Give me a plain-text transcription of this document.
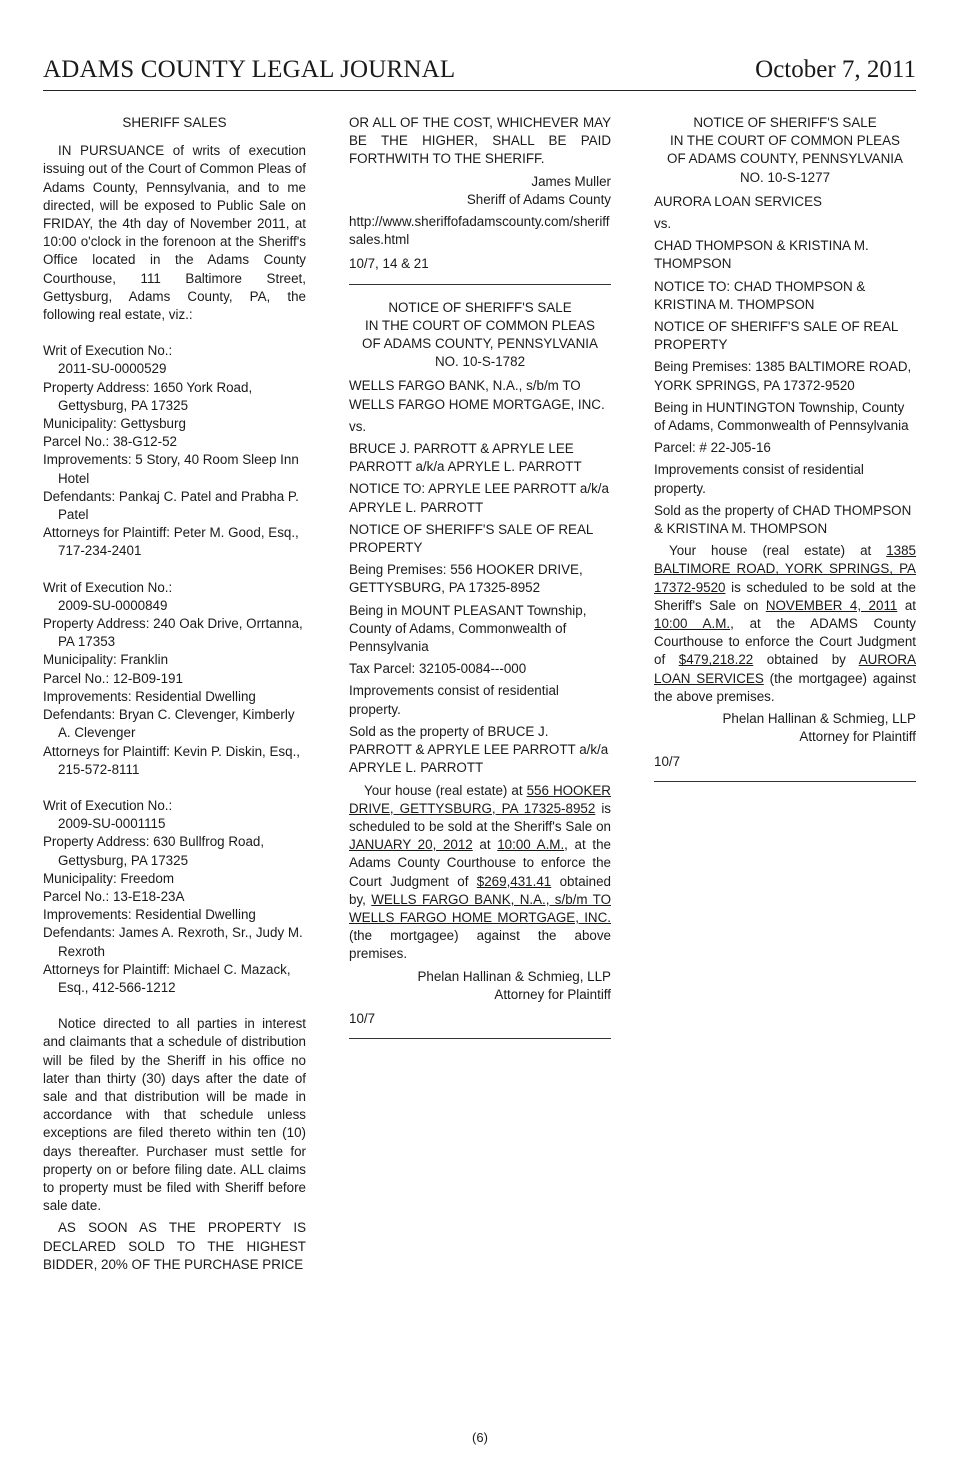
ADAMS COUNTY LEGAL JOURNAL	October 7, 2011

SHERIFF SALES

IN PURSUANCE of writs of execution issuing out of the Court of Common Pleas of Adams County, Pennsylvania, and to me directed, will be exposed to Public Sale on FRIDAY, the 4th day of November 2011, at 10:00 o'clock in the forenoon at the Sheriff's Office located in the Adams County Courthouse, 111 Baltimore Street, Gettysburg, Adams County, PA, the following real estate, viz.:

Writ of Execution No.:

2011-SU-0000529

Property Address: 1650 York Road, Gettysburg, PA 17325

Municipality: Gettysburg

Parcel No.: 38-G12-52

Improvements: 5 Story, 40 Room Sleep Inn Hotel

Defendants: Pankaj C. Patel and Prabha P. Patel

Attorneys for Plaintiff: Peter M. Good, Esq., 717-234-2401

Writ of Execution No.:

2009-SU-0000849

Property Address: 240 Oak Drive, Orrtanna, PA 17353

Municipality: Franklin

Parcel No.: 12-B09-191

Improvements: Residential Dwelling

Defendants: Bryan C. Clevenger, Kimberly A. Clevenger

Attorneys for Plaintiff: Kevin P. Diskin, Esq., 215-572-8111

Writ of Execution No.:

2009-SU-0001115

Property Address: 630 Bullfrog Road, Gettysburg, PA 17325

Municipality: Freedom

Parcel No.: 13-E18-23A

Improvements: Residential Dwelling

Defendants: James A. Rexroth, Sr., Judy M. Rexroth

Attorneys for Plaintiff: Michael C. Mazack, Esq., 412-566-1212

Notice directed to all parties in interest and claimants that a schedule of distribution will be filed by the Sheriff in his office no later than thirty (30) days after the date of sale and that distribution will be made in accordance with that schedule unless exceptions are filed thereto within ten (10) days thereafter. Purchaser must settle for property on or before filing date. ALL claims to property must be filed with Sheriff before sale date.

AS SOON AS THE PROPERTY IS DECLARED SOLD TO THE HIGHEST BIDDER, 20% OF THE PURCHASE PRICE

OR ALL OF THE COST, WHICHEVER MAY BE THE HIGHER, SHALL BE PAID FORTHWITH TO THE SHERIFF.

James Muller

Sheriff of Adams County

http://www.sheriffofadamscounty.com/sheriffsales.html

10/7, 14 & 21

NOTICE OF SHERIFF'S SALE

IN THE COURT OF COMMON PLEAS

OF ADAMS COUNTY, PENNSYLVANIA

NO. 10-S-1782

WELLS FARGO BANK, N.A., s/b/m TO WELLS FARGO HOME MORTGAGE, INC.

vs.

BRUCE J. PARROTT & APRYLE LEE PARROTT a/k/a APRYLE L. PARROTT

NOTICE TO: APRYLE LEE PARROTT a/k/a APRYLE L. PARROTT

NOTICE OF SHERIFF'S SALE OF REAL PROPERTY

Being Premises: 556 HOOKER DRIVE, GETTYSBURG, PA 17325-8952

Being in MOUNT PLEASANT Township, County of Adams, Commonwealth of Pennsylvania

Tax Parcel: 32105-0084---000

Improvements consist of residential property.

Sold as the property of BRUCE J. PARROTT & APRYLE LEE PARROTT a/k/a APRYLE L. PARROTT

Your house (real estate) at 556 HOOKER DRIVE, GETTYSBURG, PA 17325-8952 is scheduled to be sold at the Sheriff's Sale on JANUARY 20, 2012 at 10:00 A.M., at the Adams County Courthouse to enforce the Court Judgment of $269,431.41 obtained by, WELLS FARGO BANK, N.A., s/b/m TO WELLS FARGO HOME MORTGAGE, INC. (the mortgagee) against the above premises.

Phelan Hallinan & Schmieg, LLP

Attorney for Plaintiff

10/7

NOTICE OF SHERIFF'S SALE

IN THE COURT OF COMMON PLEAS

OF ADAMS COUNTY, PENNSYLVANIA

NO. 10-S-1277

AURORA LOAN SERVICES

vs.

CHAD THOMPSON & KRISTINA M. THOMPSON

NOTICE TO: CHAD THOMPSON & KRISTINA M. THOMPSON

NOTICE OF SHERIFF'S SALE OF REAL PROPERTY

Being Premises: 1385 BALTIMORE ROAD, YORK SPRINGS, PA 17372-9520

Being in HUNTINGTON Township, County of Adams, Commonwealth of Pennsylvania

Parcel: # 22-J05-16

Improvements consist of residential property.

Sold as the property of CHAD THOMPSON & KRISTINA M. THOMPSON

Your house (real estate) at 1385 BALTIMORE ROAD, YORK SPRINGS, PA 17372-9520 is scheduled to be sold at the Sheriff's Sale on NOVEMBER 4, 2011 at 10:00 A.M., at the ADAMS County Courthouse to enforce the Court Judgment of $479,218.22 obtained by AURORA LOAN SERVICES (the mortgagee) against the above premises.

Phelan Hallinan & Schmieg, LLP

Attorney for Plaintiff

10/7

(6)
